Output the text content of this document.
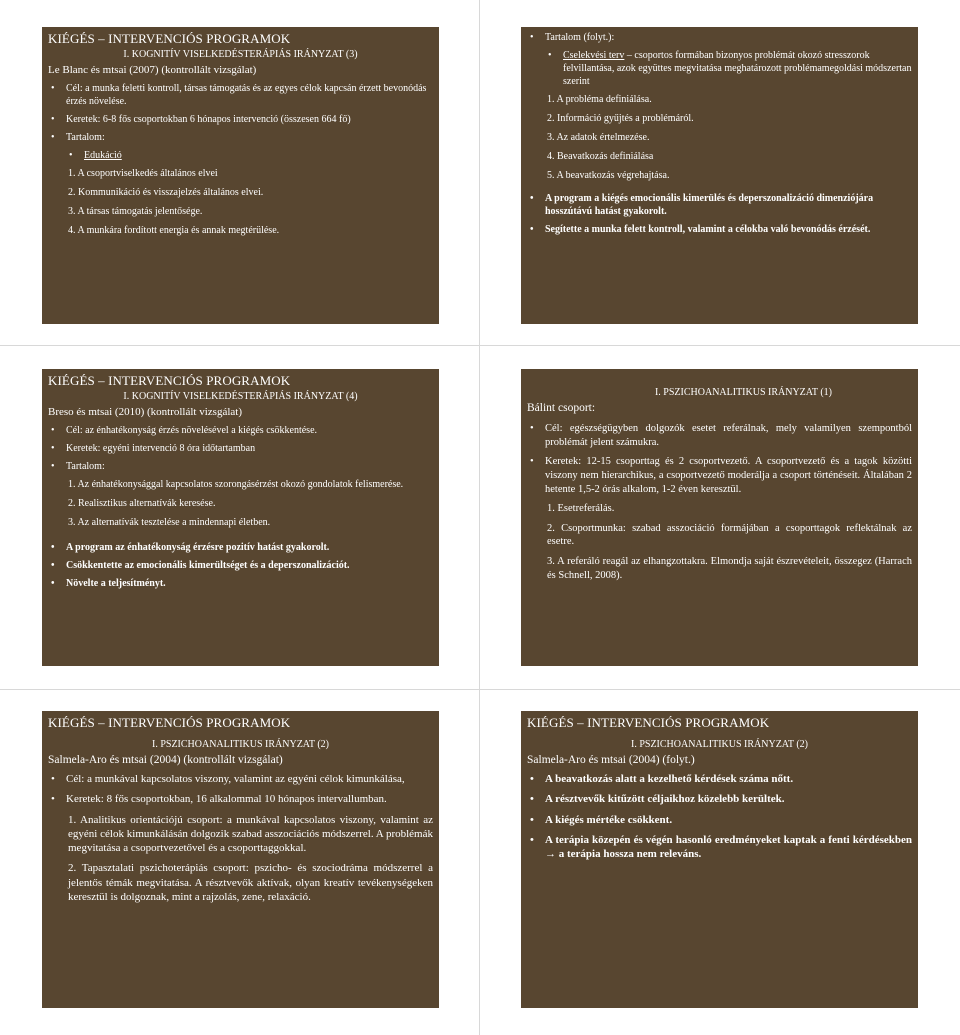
KIÉGÉS – INTERVENCIÓS PROGRAMOK
I. KOGNITÍV VISELKEDÉSTERÁPIÁS IRÁNYZAT (3)
Le Blanc és mtsai (2007) (kontrollált vizsgálat)
• Cél: a munka feletti kontroll, társas támogatás és az egyes célok kapcsán érzett bevonódás érzés növelése.
• Keretek: 6-8 fős csoportokban 6 hónapos intervenció (összesen 664 fő)
• Tartalom:
• Edukáció
1. A csoportviselkedés általános elvei
2. Kommunikáció és visszajelzés általános elvei.
3. A társas támogatás jelentősége.
4. A munkára fordított energia és annak megtérülése.
• Tartalom (folyt.):
• Cselekvési terv – csoportos formában bizonyos problémát okozó stresszorok felvillantása, azok együttes megvitatása meghatározott problémamegoldási módszertan szerint
1. A probléma definiálása.
2. Információ gyűjtés a problémáról.
3. Az adatok értelmezése.
4. Beavatkozás definiálása
5. A beavatkozás végrehajtása.
• A program a kiégés emocionális kimerülés és deperszonalizáció dimenziójára hosszútávú hatást gyakorolt.
• Segítette a munka felett kontroll, valamint a célokba való bevonódás érzését.
KIÉGÉS – INTERVENCIÓS PROGRAMOK
I. KOGNITÍV VISELKEDÉSTERÁPIÁS IRÁNYZAT (4)
Breso és mtsai (2010) (kontrollált vizsgálat)
• Cél: az énhatékonyság érzés növelésével a kiégés csökkentése.
• Keretek: egyéni intervenció 8 óra időtartamban
• Tartalom:
1. Az énhatékonysággal kapcsolatos szorongásérzést okozó gondolatok felismerése.
2. Realisztikus alternatívák keresése.
3. Az alternatívák tesztelése a mindennapi életben.
• A program az énhatékonyság érzésre pozitív hatást gyakorolt.
• Csökkentette az emocionális kimerültséget és a deperszonalizációt.
• Növelte a teljesítményt.
Bálint csoport:
I. PSZICHOANALITIKUS IRÁNYZAT (1)
• Cél: egészségügyben dolgozók esetet referálnak, mely valamilyen szempontból problémát jelent számukra.
• Keretek: 12-15 csoporttag és 2 csoportvezető. A csoportvezető és a tagok közötti viszony nem hierarchikus, a csoportvezető moderálja a csoport történéseit. Általában 2 hetente 1,5-2 órás alkalom, 1-2 éven keresztül.
1. Esetreferálás.
2. Csoportmunka: szabad asszociáció formájában a csoporttagok reflektálnak az esetre.
3. A referáló reagál az elhangzottakra. Elmondja saját észrevételeit, összegez (Harrach és Schnell, 2008).
KIÉGÉS – INTERVENCIÓS PROGRAMOK
I. PSZICHOANALITIKUS IRÁNYZAT (2)
Salmela-Aro és mtsai (2004) (kontrollált vizsgálat)
• Cél: a munkával kapcsolatos viszony, valamint az egyéni célok kimunkálása,
• Keretek: 8 fős csoportokban, 16 alkalommal 10 hónapos intervallumban.
1. Analitikus orientációjú csoport: a munkával kapcsolatos viszony, valamint az egyéni célok kimunkálásán dolgozik szabad asszociációs módszerrel. A problémák megvitatása a csoportvezetővel és a csoporttaggokkal.
2. Tapasztalati pszichoterápiás csoport: pszicho- és szociodráma módszerrel a jelentős témák megvitatása. A résztvevők aktívak, olyan kreatív tevékenységeken keresztül is dolgoznak, mint a rajzolás, zene, relaxáció.
KIÉGÉS – INTERVENCIÓS PROGRAMOK
I. PSZICHOANALITIKUS IRÁNYZAT (2)
Salmela-Aro és mtsai (2004) (folyt.)
• A beavatkozás alatt a kezelhető kérdések száma nőtt.
• A résztvevők kitűzött céljaikhoz közelebb kerültek.
• A kiégés mértéke csökkent.
• A terápia közepén és végén hasonló eredményeket kaptak a fenti kérdésekben → a terápia hossza nem releváns.
